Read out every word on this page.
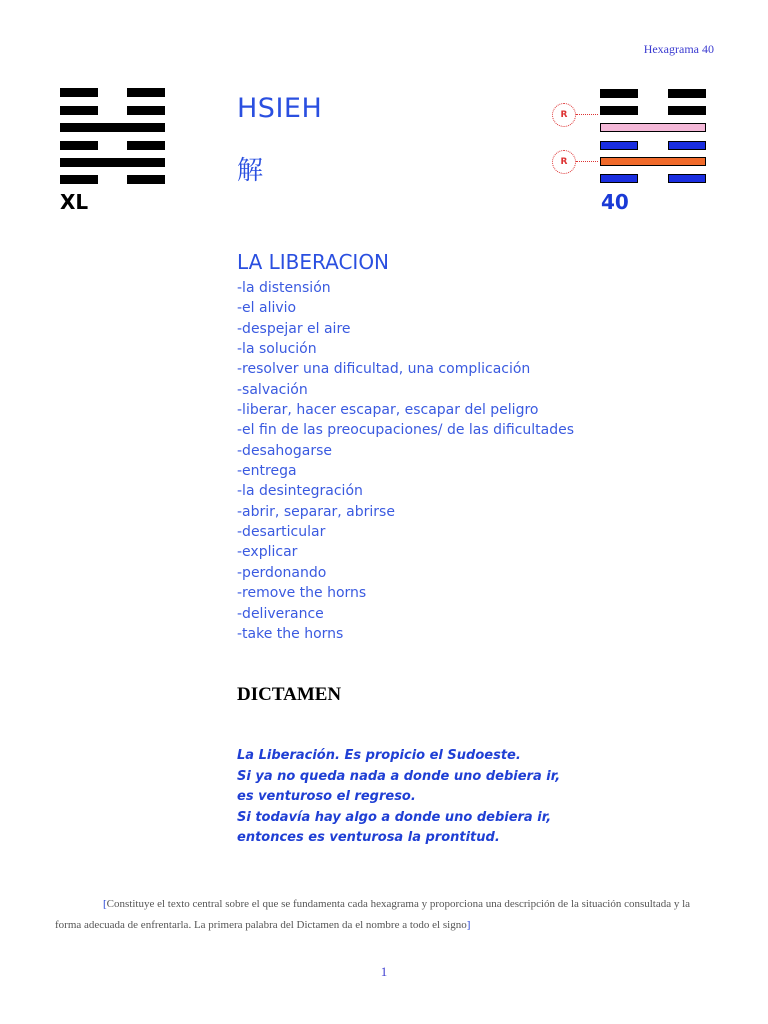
Hexagrama 40
XL
HSIEH
解
R
R
40
LA LIBERACION
-la distensión
-el alivio
-despejar el aire
-la solución
-resolver una dificultad, una complicación
-salvación
-liberar, hacer escapar, escapar del peligro
-el fin de las preocupaciones/ de las dificultades
-desahogarse
-entrega
-la desintegración
-abrir, separar, abrirse
-desarticular
-explicar
-perdonando
-remove the horns
-deliverance
-take the horns
DICTAMEN
La Liberación. Es propicio el Sudoeste.
Si ya no queda nada a donde uno debiera ir,
es venturoso el regreso.
Si todavía hay algo a donde uno debiera ir,
entonces es venturosa la prontitud.
[Constituye el texto central sobre el que se fundamenta cada hexagrama y proporciona una descripción de la situación consultada y la forma adecuada de enfrentarla. La primera palabra del Dictamen da el nombre a todo el signo]
1
